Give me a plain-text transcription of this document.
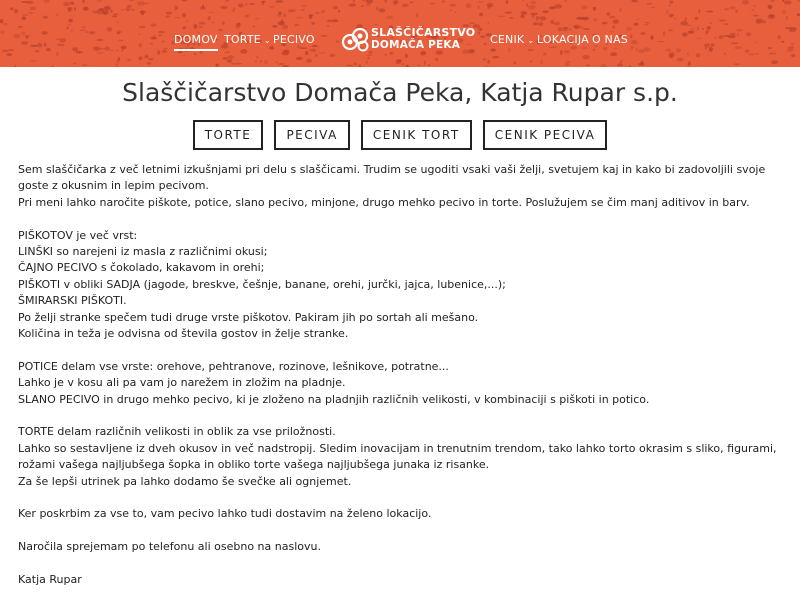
DOMOV TORTE ⌄ PECIVO
SLAŠČIČARSTVO
DOMAČA PEKA	CENIK ⌄ LOKACIJA O NAS
Slaščičarstvo Domača Peka, Katja Rupar s.p.
TORTE	PECIVA	CENIK TORT	CENIK PECIVA

Sem slaščičarka z več letnimi izkušnjami pri delu s slaščicami. Trudim se ugoditi vsaki vaši želji, svetujem kaj in kako bi zadovoljili svoje goste z okusnim in lepim pecivom.

Pri meni lahko naročite piškote, potice, slano pecivo, minjone, drugo mehko pecivo in torte. Poslužujem se čim manj aditivov in barv.

PIŠKOTOV je več vrst:

LINŠKI so narejeni iz masla z različnimi okusi;

ČAJNO PECIVO s čokolado, kakavom in orehi;

PIŠKOTI v obliki SADJA (jagode, breskve, češnje, banane, orehi, jurčki, jajca, lubenice,...);

ŠMIRARSKI PIŠKOTI.

Po želji stranke spečem tudi druge vrste piškotov. Pakiram jih po sortah ali mešano.

Količina in teža je odvisna od števila gostov in želje stranke.

POTICE delam vse vrste: orehove, pehtranove, rozinove, lešnikove, potratne...

Lahko je v kosu ali pa vam jo narežem in zložim na pladnje.

SLANO PECIVO in drugo mehko pecivo, ki je zloženo na pladnjih različnih velikosti, v kombinaciji s piškoti in potico.

TORTE delam različnih velikosti in oblik za vse priložnosti.

Lahko so sestavljene iz dveh okusov in več nadstropij. Sledim inovacijam in trenutnim trendom, tako lahko torto okrasim s sliko, figurami, rožami vašega najljubšega šopka in obliko torte vašega najljubšega junaka iz risanke.

Za še lepši utrinek pa lahko dodamo še svečke ali ognjemet.

Ker poskrbim za vse to, vam pecivo lahko tudi dostavim na želeno lokacijo.

Naročila sprejemam po telefonu ali osebno na naslovu.

Katja Rupar
